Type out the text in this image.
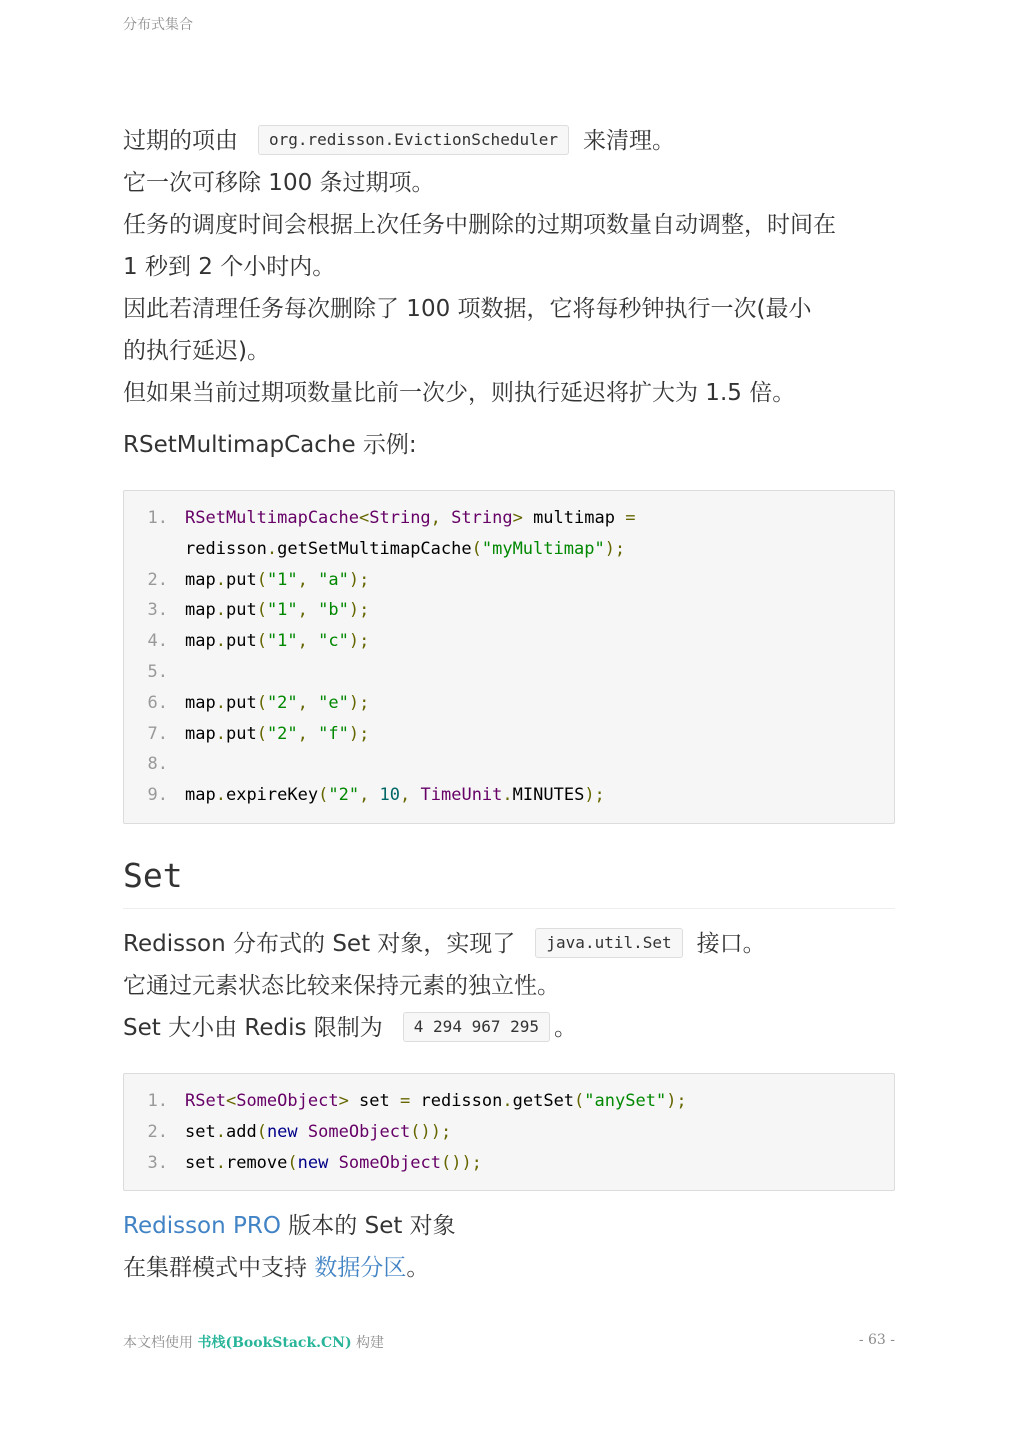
分布式集合
过期的项由 org.redisson.EvictionScheduler 来清理。
它一次可移除 100 条过期项。
任务的调度时间会根据上次任务中删除的过期项数量自动调整，时间在
1 秒到 2 个小时内。
因此若清理任务每次删除了 100 项数据，它将每秒钟执行一次(最小
的执行延迟)。
但如果当前过期项数量比前一次少，则执行延迟将扩大为 1.5 倍。
RSetMultimapCache 示例:
1.	RSetMultimapCache<String, String> multimap =
redisson.getSetMultimapCache("myMultimap");
2.	map.put("1", "a");
3.	map.put("1", "b");
4.	map.put("1", "c");
5.

6.	map.put("2", "e");
7.	map.put("2", "f");
8.

9.	map.expireKey("2", 10, TimeUnit.MINUTES);
Set
Redisson 分布式的 Set 对象，实现了 java.util.Set 接口。
它通过元素状态比较来保持元素的独立性。
Set 大小由 Redis 限制为 4 294 967 295 。
1.	RSet<SomeObject> set = redisson.getSet("anySet");
2.	set.add(new SomeObject());
3.	set.remove(new SomeObject());
Redisson PRO 版本的 Set 对象
在集群模式中支持 数据分区。
本文档使用 书栈(BookStack.CN) 构建	- 63 -
